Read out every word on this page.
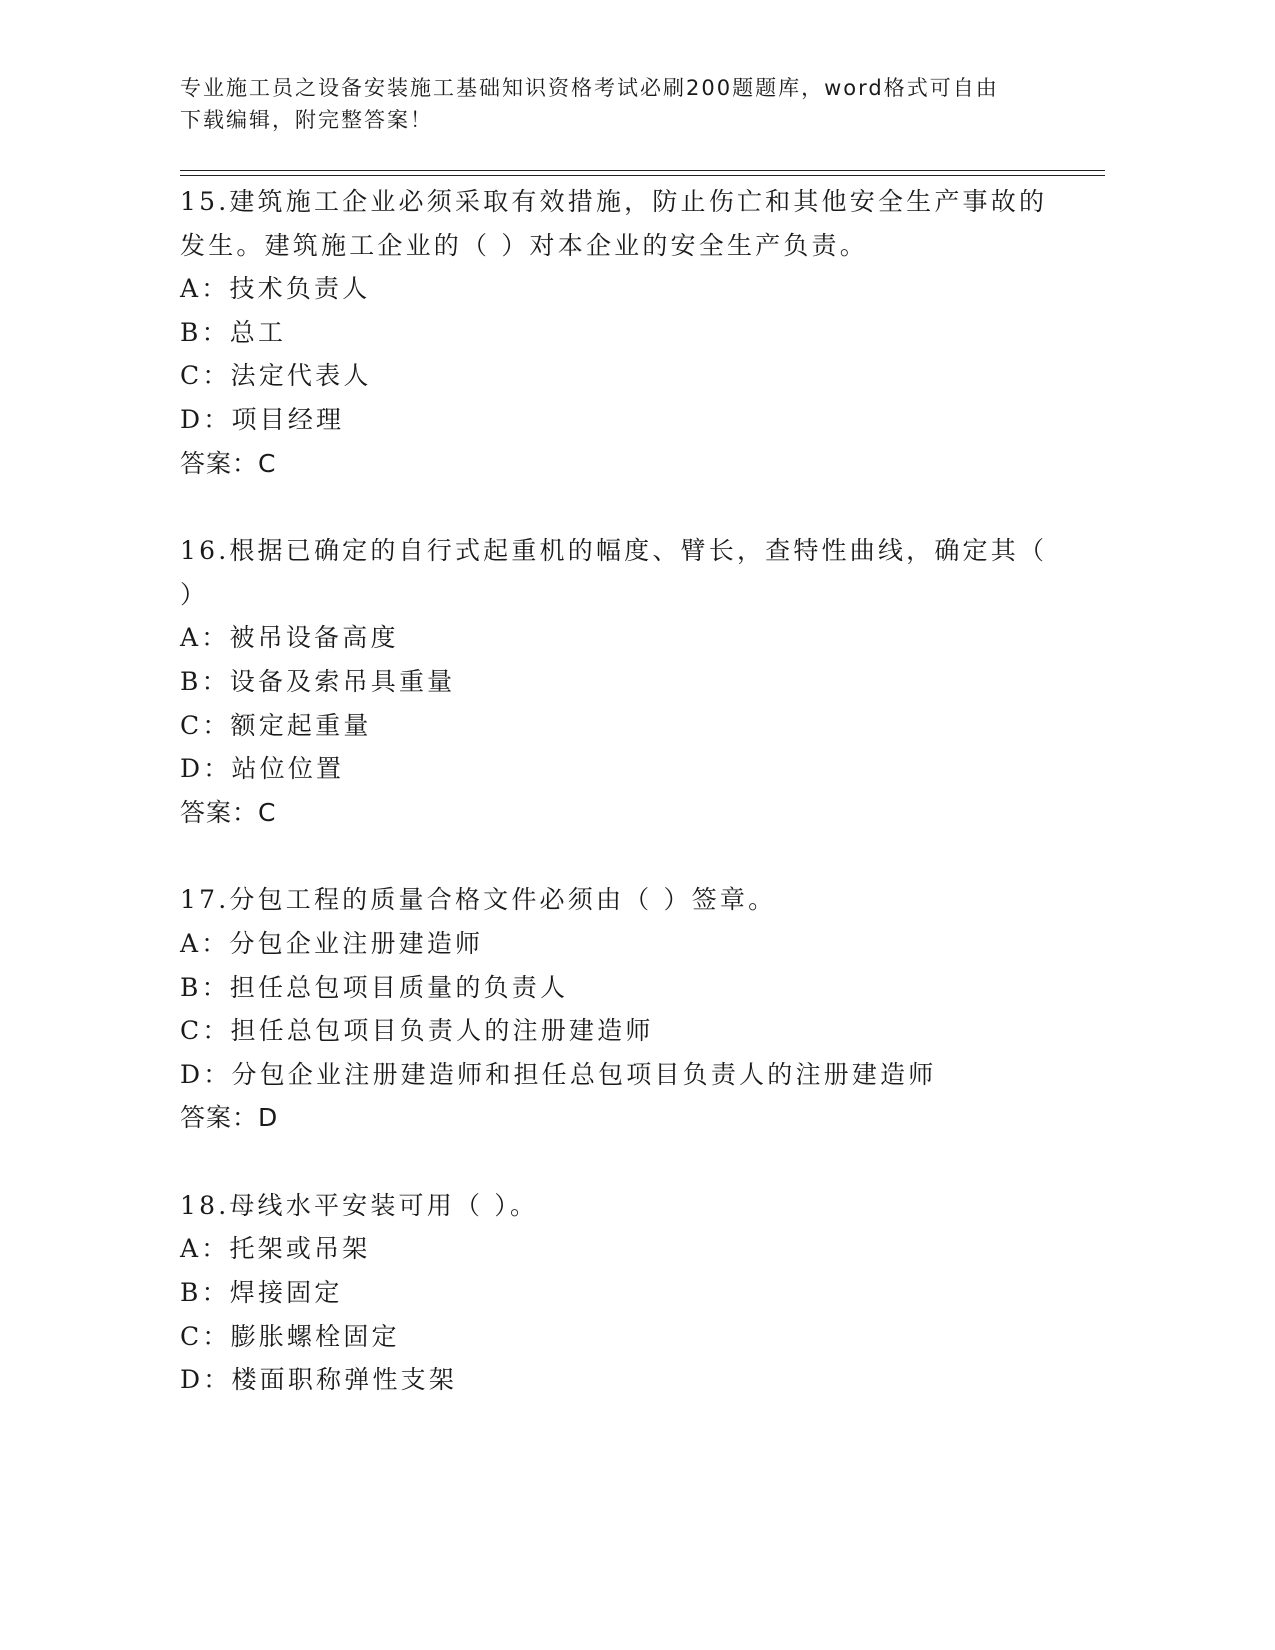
专业施工员之设备安装施工基础知识资格考试必刷200题题库，word格式可自由
下载编辑，附完整答案！
15.建筑施工企业必须采取有效措施，防止伤亡和其他安全生产事故的
发生。建筑施工企业的（ ）对本企业的安全生产负责。
A：技术负责人
B：总工
C：法定代表人
D：项目经理
答案：C
16.根据已确定的自行式起重机的幅度、臂长，查特性曲线，确定其（
）
A：被吊设备高度
B：设备及索吊具重量
C：额定起重量
D：站位位置
答案：C
17.分包工程的质量合格文件必须由（ ）签章。
A：分包企业注册建造师
B：担任总包项目质量的负责人
C：担任总包项目负责人的注册建造师
D：分包企业注册建造师和担任总包项目负责人的注册建造师
答案：D
18.母线水平安装可用（ ）。
A：托架或吊架
B：焊接固定
C：膨胀螺栓固定
D：楼面职称弹性支架
